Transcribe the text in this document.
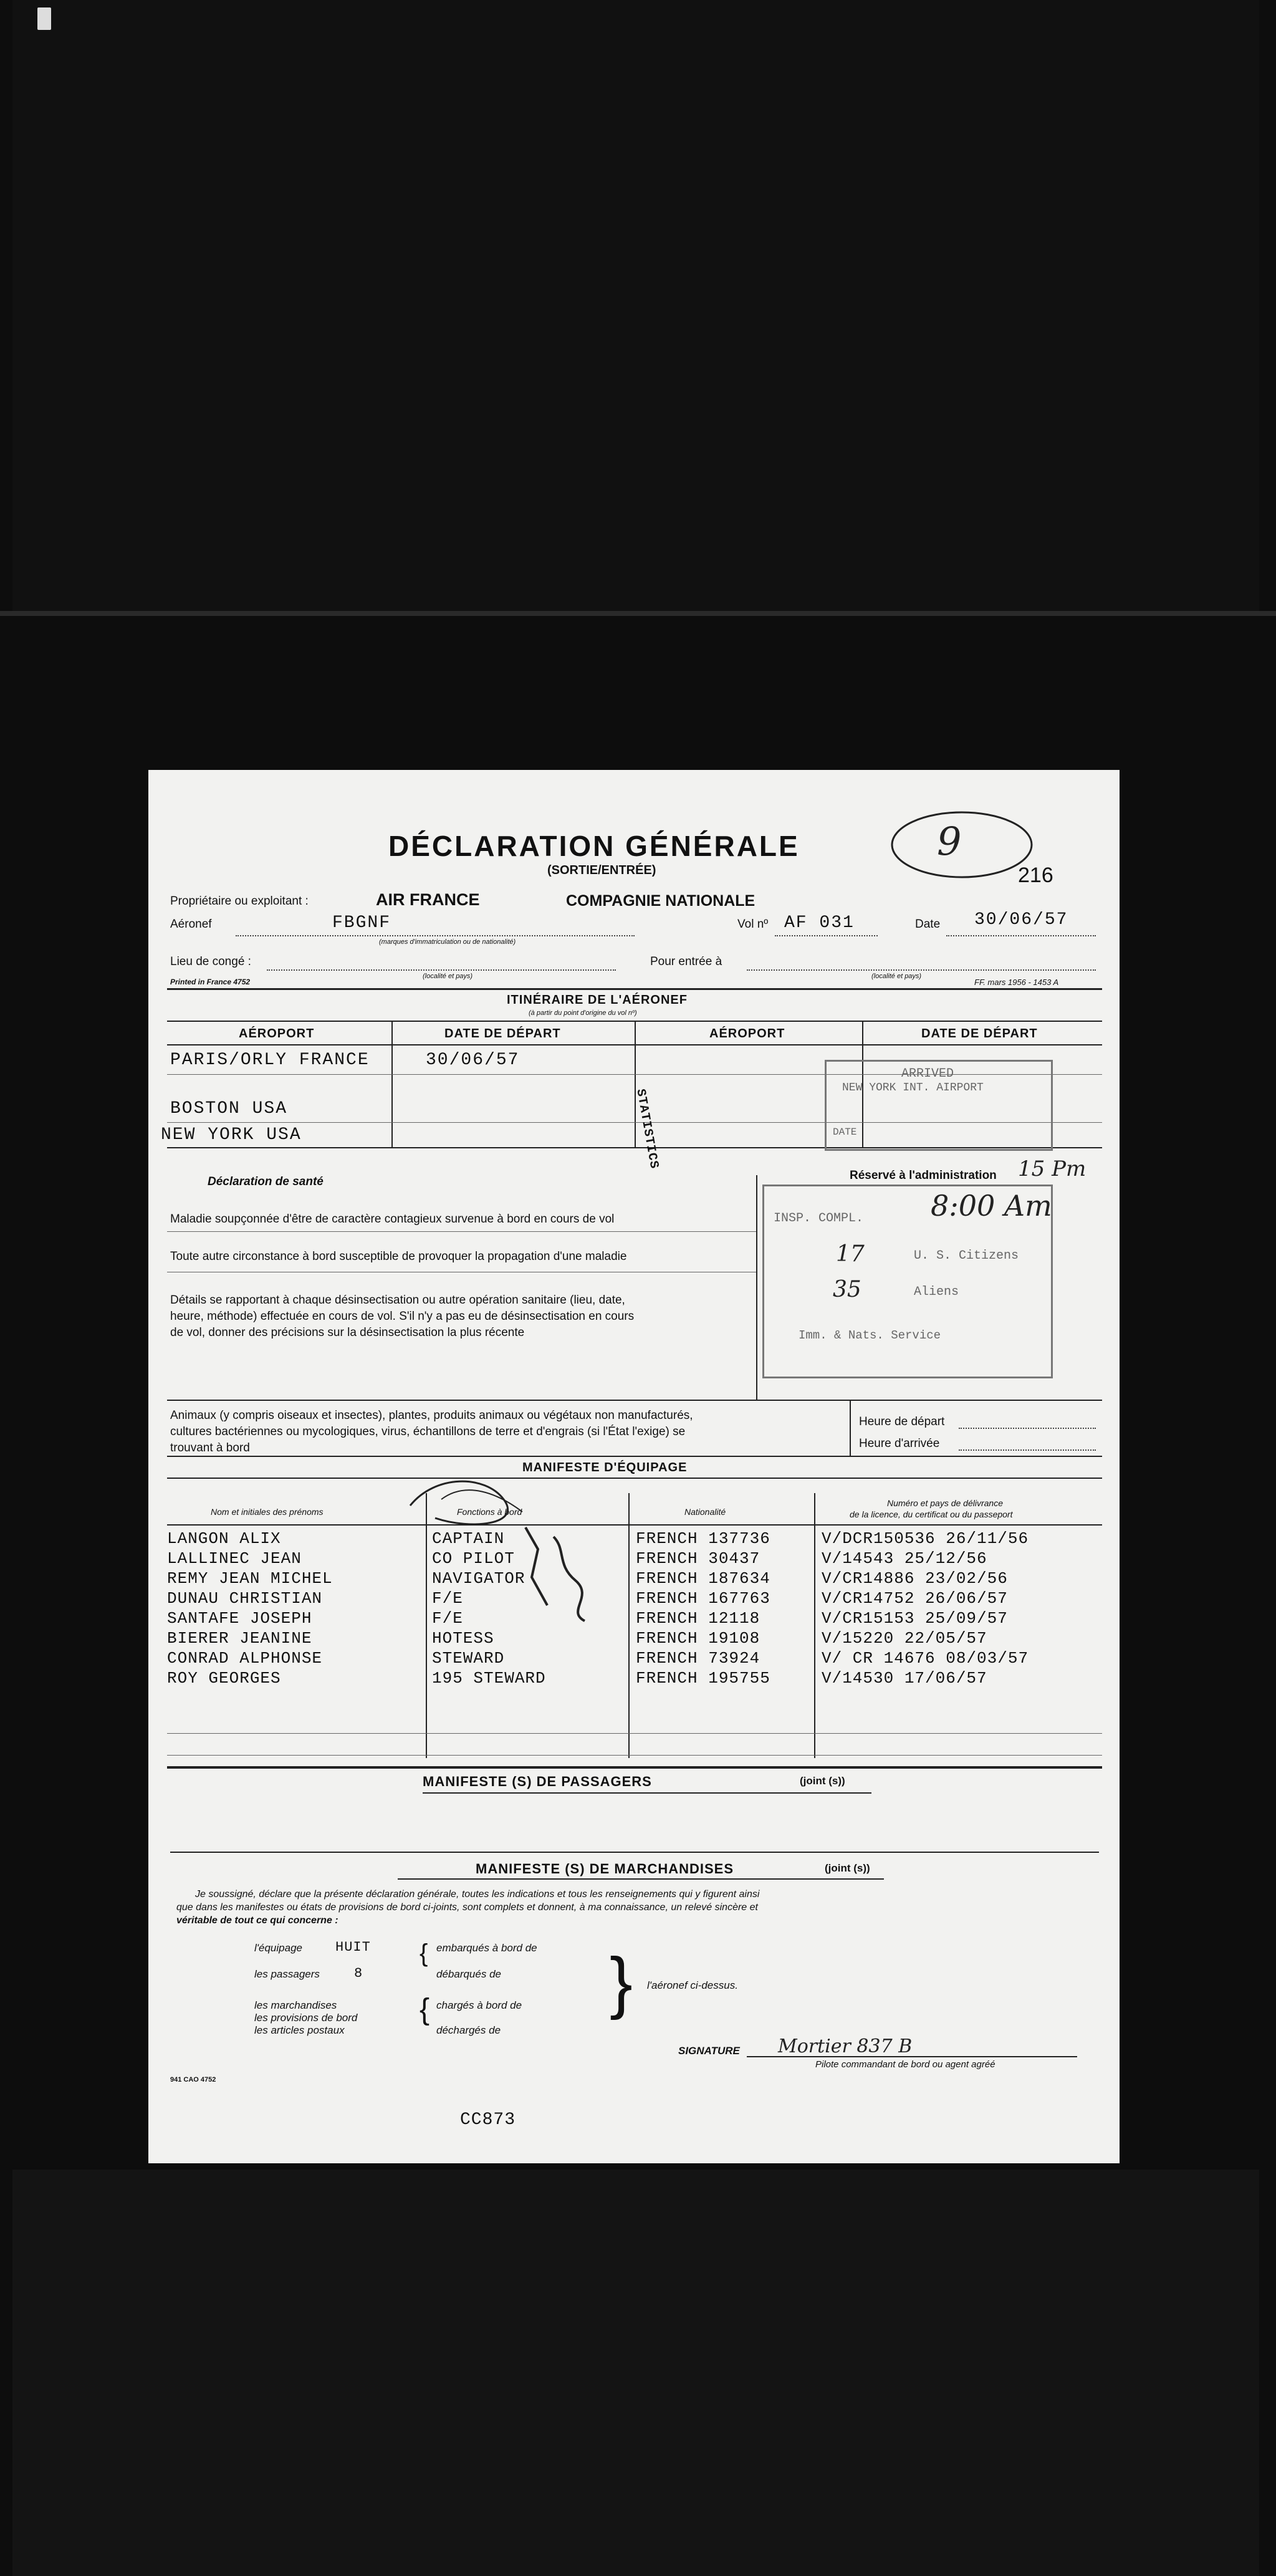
DÉCLARATION GÉNÉRALE
(SORTIE/ENTRÉE)
9
216
Propriétaire ou exploitant :	AIR FRANCE	COMPAGNIE NATIONALE
Aéronef	FBGNF
(marques d'immatriculation ou de nationalité)
Vol nº AF 031	Date 30/06/57
Lieu de congé :
(localité et pays)
Pour entrée à
(localité et pays)
Printed in France 4752	FF. mars 1956 - 1453 A
ITINÉRAIRE DE L'AÉRONEF
(à partir du point d'origine du vol nº)
AÉROPORT	DATE DE DÉPART	AÉROPORT	DATE DE DÉPART
PARIS/ORLY FRANCE	30/06/57
BOSTON USA
NEW YORK USA
ARRIVED
NEW YORK INT. AIRPORT
DATE
STATISTICS
Réservé à l'administration 15 Pm
8:00 Am
INSP. COMPL.
17	U. S. Citizens
35	Aliens
Imm. & Nats. Service
Déclaration de santé
Maladie soupçonnée d'être de caractère contagieux survenue à bord en cours de vol
Toute autre circonstance à bord susceptible de provoquer la propagation d'une maladie
Détails se rapportant à chaque désinsectisation ou autre opération sanitaire (lieu, date,
heure, méthode) effectuée en cours de vol. S'il n'y a pas eu de désinsectisation en cours
de vol, donner des précisions sur la désinsectisation la plus récente
Animaux (y compris oiseaux et insectes), plantes, produits animaux ou végétaux non manufacturés,
cultures bactériennes ou mycologiques, virus, échantillons de terre et d'engrais (si l'État l'exige) se
trouvant à bord
Heure de départ
Heure d'arrivée
MANIFESTE D'ÉQUIPAGE
Nom et initiales des prénoms	Fonctions à bord	Nationalité
Numéro et pays de délivrance
de la licence, du certificat ou du passeport
LANGON ALIX	CAPTAIN	FRENCH 137736	V/DCR150536 26/11/56
LALLINEC JEAN	CO PILOT	FRENCH 30437	V/14543 25/12/56
REMY JEAN MICHEL	NAVIGATOR	FRENCH 187634	V/CR14886 23/02/56
DUNAU CHRISTIAN	F/E	FRENCH 167763	V/CR14752 26/06/57
SANTAFE JOSEPH	F/E	FRENCH 12118	V/CR15153 25/09/57
BIERER JEANINE	HOTESS	FRENCH 19108	V/15220 22/05/57
CONRAD ALPHONSE	STEWARD	FRENCH 73924	V/ CR 14676 08/03/57
ROY GEORGES	195 STEWARD	FRENCH 195755	V/14530 17/06/57
MANIFESTE (S) DE PASSAGERS	(joint (s))
MANIFESTE (S) DE MARCHANDISES	(joint (s))
Je soussigné, déclare que la présente déclaration générale, toutes les indications et tous les renseignements qui y figurent ainsi
que dans les manifestes ou états de provisions de bord ci-joints, sont complets et donnent, à ma connaissance, un relevé sincère et
véritable de tout ce qui concerne :
l'équipage HUIT
les passagers	8
les marchandises
les provisions de bord
les articles postaux
{
{
embarqués à bord de
débarqués de
chargés à bord de
déchargés de
} l'aéronef ci-dessus.
SIGNATURE Mortier 837 B
Pilote commandant de bord ou agent agréé
941 CAO 4752
CC873
